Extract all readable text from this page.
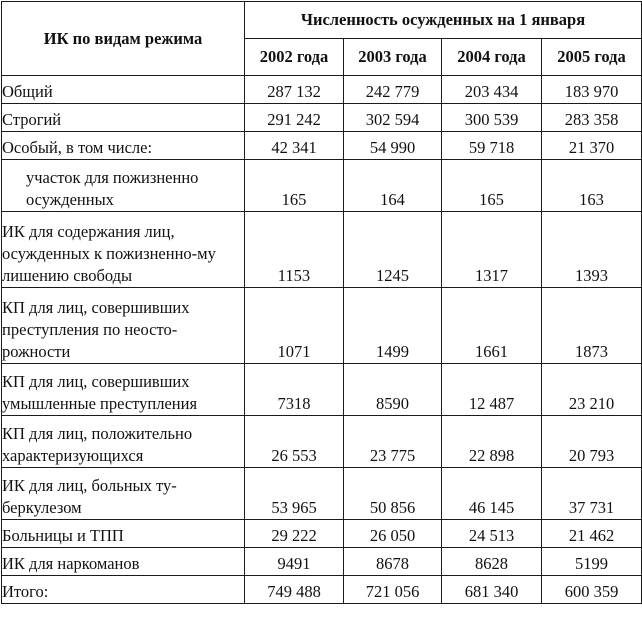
ИК по видам режима	Численность осужденных на 1 января			
	2002 года	2003 года	2004 года	2005 года
Общий	287 132	242 779	203 434	183 970
Строгий	291 242	302 594	300 539	283 358
Особый, в том числе:	42 341	54 990	59 718	21 370
участок для пожизненно осужденных	165	164	165	163
ИК для содержания лиц, осужденных к пожизненно-му лишению свободы	1153	1245	1317	1393
КП для лиц, совершивших преступления по неосто-рожности	1071	1499	1661	1873
КП для лиц, совершивших умышленные преступления	7318	8590	12 487	23 210
КП для лиц, положительно характеризующихся	26 553	23 775	22 898	20 793
ИК для лиц, больных ту-беркулезом	53 965	50 856	46 145	37 731
Больницы и ТПП	29 222	26 050	24 513	21 462
ИК для наркоманов	9491	8678	8628	5199
Итого:	749 488	721 056	681 340	600 359
